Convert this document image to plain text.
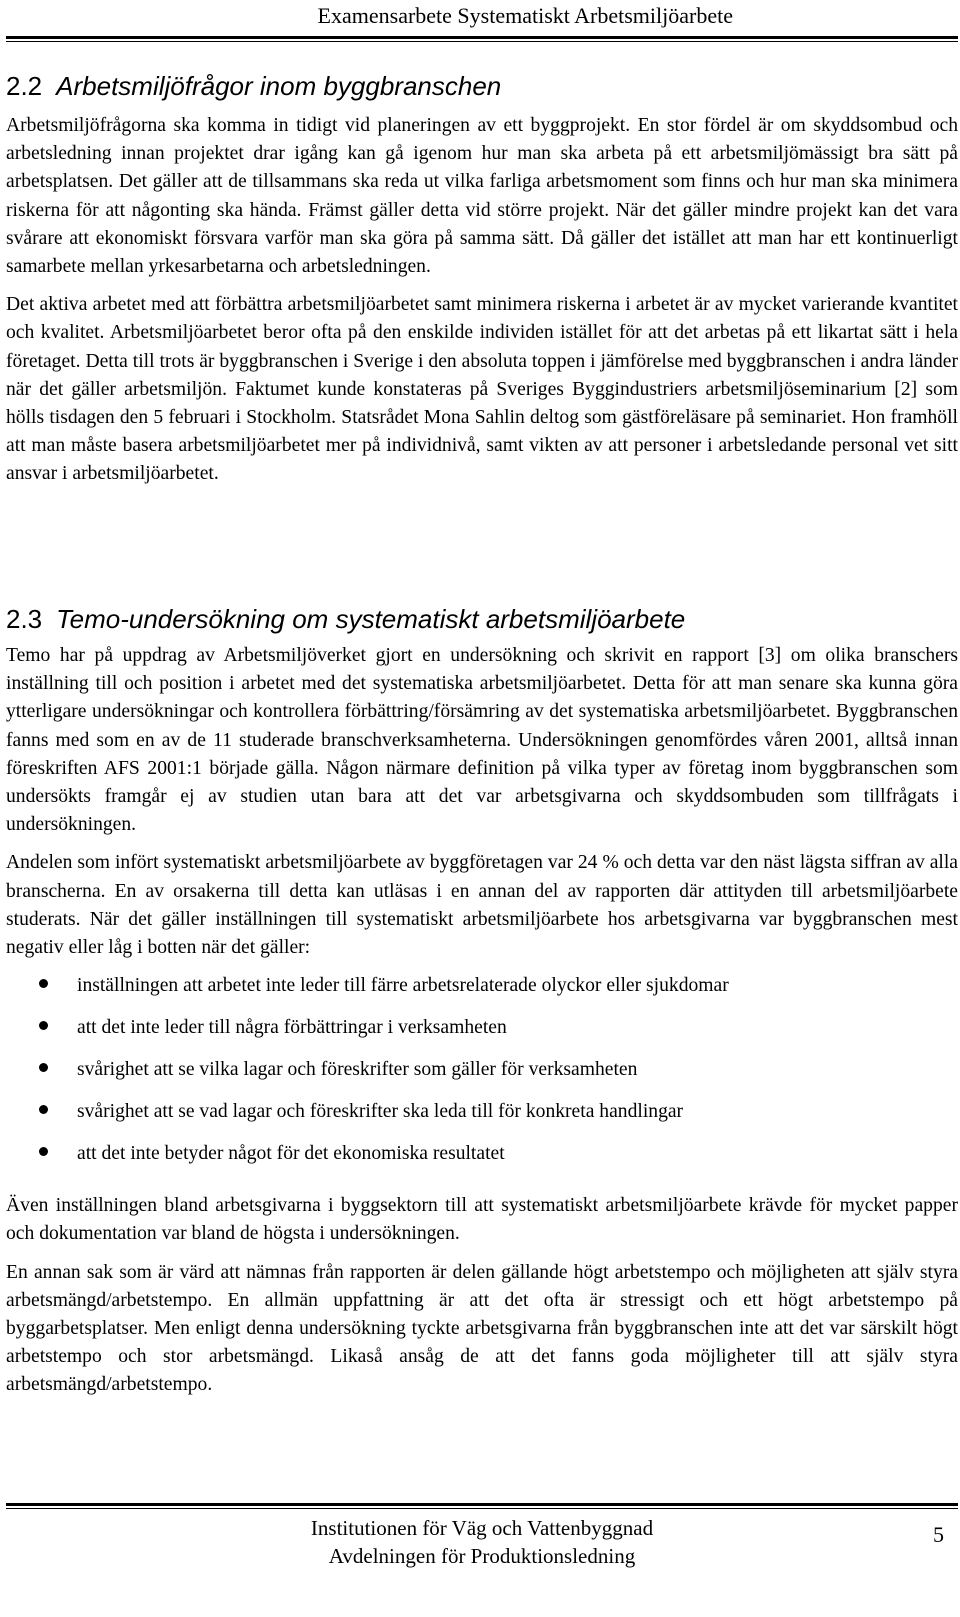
Examensarbete Systematiskt Arbetsmiljöarbete
2.2 Arbetsmiljöfrågor inom byggbranschen

Arbetsmiljöfrågorna ska komma in tidigt vid planeringen av ett byggprojekt. En stor fördel är om skyddsombud och arbetsledning innan projektet drar igång kan gå igenom hur man ska arbeta på ett arbetsmiljömässigt bra sätt på arbetsplatsen. Det gäller att de tillsammans ska reda ut vilka farliga arbetsmoment som finns och hur man ska minimera riskerna för att någonting ska hända. Främst gäller detta vid större projekt. När det gäller mindre projekt kan det vara svårare att ekonomiskt försvara varför man ska göra på samma sätt. Då gäller det istället att man har ett kontinuerligt samarbete mellan yrkesarbetarna och arbetsledningen.

Det aktiva arbetet med att förbättra arbetsmiljöarbetet samt minimera riskerna i arbetet är av mycket varierande kvantitet och kvalitet. Arbetsmiljöarbetet beror ofta på den enskilde individen istället för att det arbetas på ett likartat sätt i hela företaget. Detta till trots är byggbranschen i Sverige i den absoluta toppen i jämförelse med byggbranschen i andra länder när det gäller arbetsmiljön. Faktumet kunde konstateras på Sveriges Byggindustriers arbetsmiljöseminarium [2] som hölls tisdagen den 5 februari i Stockholm. Statsrådet Mona Sahlin deltog som gästföreläsare på seminariet. Hon framhöll att man måste basera arbetsmiljöarbetet mer på individnivå, samt vikten av att personer i arbetsledande personal vet sitt ansvar i arbetsmiljöarbetet.

2.3 Temo-undersökning om systematiskt arbetsmiljöarbete

Temo har på uppdrag av Arbetsmiljöverket gjort en undersökning och skrivit en rapport [3] om olika branschers inställning till och position i arbetet med det systematiska arbetsmiljöarbetet. Detta för att man senare ska kunna göra ytterligare undersökningar och kontrollera förbättring/försämring av det systematiska arbetsmiljöarbetet. Byggbranschen fanns med som en av de 11 studerade branschverksamheterna. Undersökningen genomfördes våren 2001, alltså innan föreskriften AFS 2001:1 började gälla. Någon närmare definition på vilka typer av företag inom byggbranschen som undersökts framgår ej av studien utan bara att det var arbetsgivarna och skyddsombuden som tillfrågats i undersökningen.

Andelen som infört systematiskt arbetsmiljöarbete av byggföretagen var 24 % och detta var den näst lägsta siffran av alla branscherna. En av orsakerna till detta kan utläsas i en annan del av rapporten där attityden till arbetsmiljöarbete studerats. När det gäller inställningen till systematiskt arbetsmiljöarbete hos arbetsgivarna var byggbranschen mest negativ eller låg i botten när det gäller:

inställningen att arbetet inte leder till färre arbetsrelaterade olyckor eller sjukdomar
att det inte leder till några förbättringar i verksamheten
svårighet att se vilka lagar och föreskrifter som gäller för verksamheten
svårighet att se vad lagar och föreskrifter ska leda till för konkreta handlingar
att det inte betyder något för det ekonomiska resultatet

Även inställningen bland arbetsgivarna i byggsektorn till att systematiskt arbetsmiljöarbete krävde för mycket papper och dokumentation var bland de högsta i undersökningen.

En annan sak som är värd att nämnas från rapporten är delen gällande högt arbetstempo och möjligheten att själv styra arbetsmängd/arbetstempo. En allmän uppfattning är att det ofta är stressigt och ett högt arbetstempo på byggarbetsplatser. Men enligt denna undersökning tyckte arbetsgivarna från byggbranschen inte att det var särskilt högt arbetstempo och stor arbetsmängd. Likaså ansåg de att det fanns goda möjligheter till att själv styra arbetsmängd/arbetstempo.

Institutionen för Väg och Vattenbyggnad
Avdelningen för Produktionsledning
5
